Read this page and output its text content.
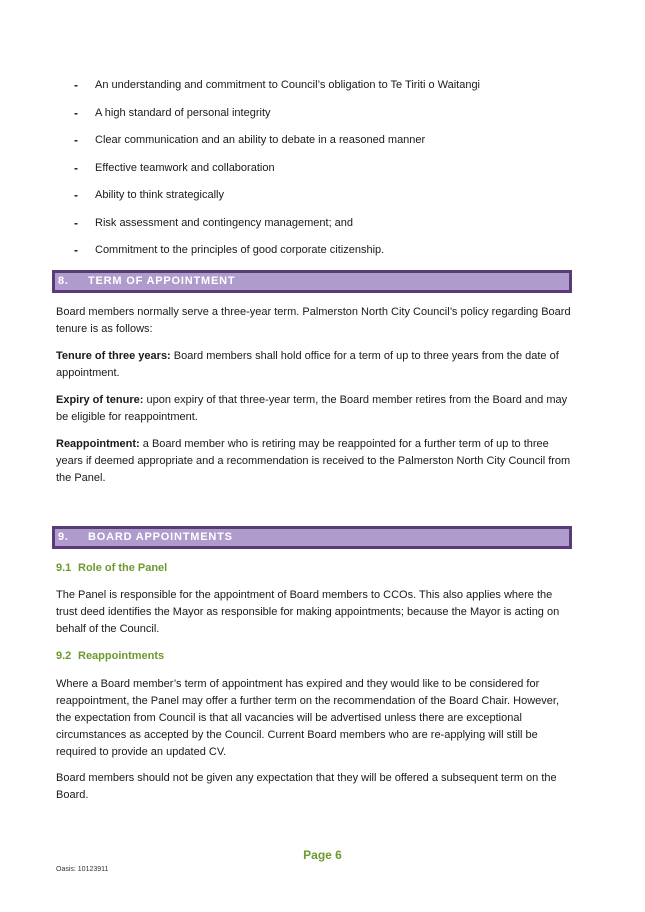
- An understanding and commitment to Council’s obligation to Te Tiriti o Waitangi
- A high standard of personal integrity
- Clear communication and an ability to debate in a reasoned manner
- Effective teamwork and collaboration
- Ability to think strategically
- Risk assessment and contingency management; and
- Commitment to the principles of good corporate citizenship.
8. TERM OF APPOINTMENT

Board members normally serve a three-year term. Palmerston North City Council’s policy regarding Board tenure is as follows:

Tenure of three years: Board members shall hold office for a term of up to three years from the date of appointment.

Expiry of tenure: upon expiry of that three-year term, the Board member retires from the Board and may be eligible for reappointment.

Reappointment: a Board member who is retiring may be reappointed for a further term of up to three years if deemed appropriate and a recommendation is received to the Palmerston North City Council from the Panel.

9. BOARD APPOINTMENTS
9.1 Role of the Panel

The Panel is responsible for the appointment of Board members to CCOs. This also applies where the trust deed identifies the Mayor as responsible for making appointments; because the Mayor is acting on behalf of the Council.

9.2 Reappointments

Where a Board member’s term of appointment has expired and they would like to be considered for reappointment, the Panel may offer a further term on the recommendation of the Board Chair. However, the expectation from Council is that all vacancies will be advertised unless there are exceptional circumstances as accepted by the Council. Current Board members who are re-applying will still be required to provide an updated CV.

Board members should not be given any expectation that they will be offered a subsequent term on the Board.

Page 6
Oasis: 10123911
